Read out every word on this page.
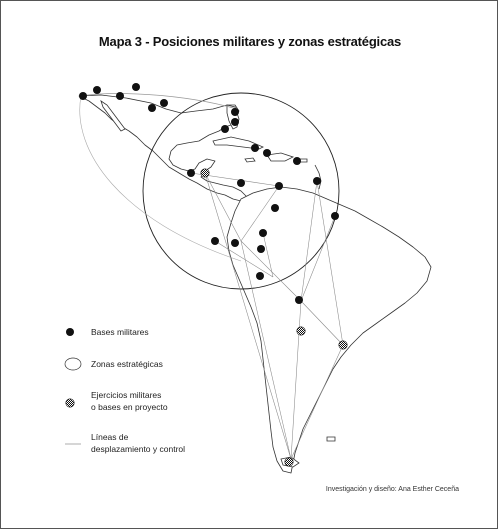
Mapa 3 - Posiciones militares y zonas estratégicas
Bases militares
Zonas estratégicas
Ejercicios militares
o bases en proyecto
Líneas de
desplazamiento y control
Investigación y diseño: Ana Esther Ceceña
